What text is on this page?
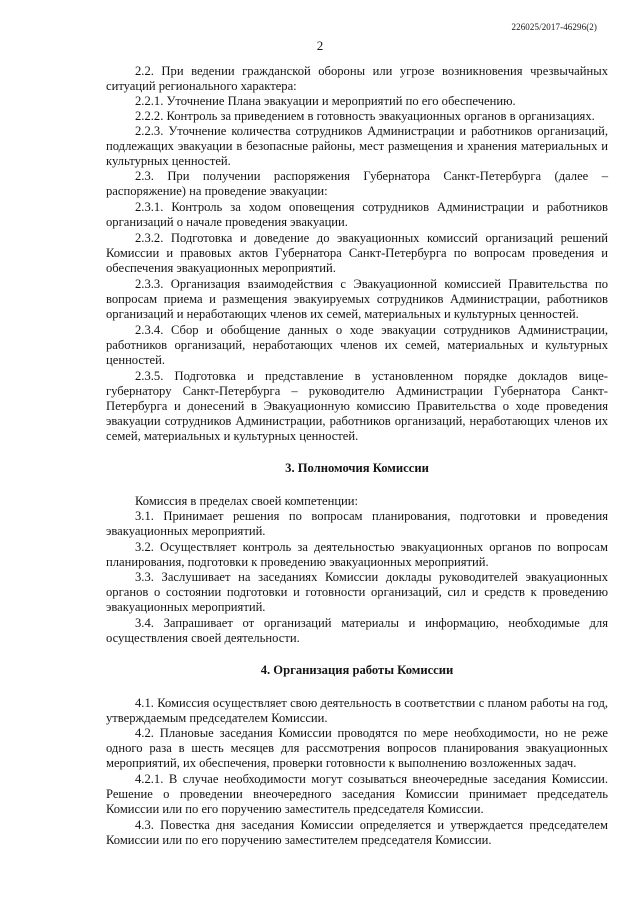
226025/2017-46296(2)
2

2.2. При ведении гражданской обороны или угрозе возникновения чрезвычайных ситуаций регионального характера:

2.2.1. Уточнение Плана эвакуации и мероприятий по его обеспечению.

2.2.2. Контроль за приведением в готовность эвакуационных органов в организациях.

2.2.3. Уточнение количества сотрудников Администрации и работников организаций, подлежащих эвакуации в безопасные районы, мест размещения и хранения материальных и культурных ценностей.

2.3. При получении распоряжения Губернатора Санкт-Петербурга (далее – распоряжение) на проведение эвакуации:

2.3.1. Контроль за ходом оповещения сотрудников Администрации и работников организаций о начале проведения эвакуации.

2.3.2. Подготовка и доведение до эвакуационных комиссий организаций решений Комиссии и правовых актов Губернатора Санкт-Петербурга по вопросам проведения и обеспечения эвакуационных мероприятий.

2.3.3. Организация взаимодействия с Эвакуационной комиссией Правительства по вопросам приема и размещения эвакуируемых сотрудников Администрации, работников организаций и неработающих членов их семей, материальных и культурных ценностей.

2.3.4. Сбор и обобщение данных о ходе эвакуации сотрудников Администрации, работников организаций, неработающих членов их семей, материальных и культурных ценностей.

2.3.5. Подготовка и представление в установленном порядке докладов вице-губернатору Санкт-Петербурга – руководителю Администрации Губернатора Санкт-Петербурга и донесений в Эвакуационную комиссию Правительства о ходе проведения эвакуации сотрудников Администрации, работников организаций, неработающих членов их семей, материальных и культурных ценностей.

3. Полномочия Комиссии

Комиссия в пределах своей компетенции:

3.1. Принимает решения по вопросам планирования, подготовки и проведения эвакуационных мероприятий.

3.2. Осуществляет контроль за деятельностью эвакуационных органов по вопросам планирования, подготовки к проведению эвакуационных мероприятий.

3.3. Заслушивает на заседаниях Комиссии доклады руководителей эвакуационных органов о состоянии подготовки и готовности организаций, сил и средств к проведению эвакуационных мероприятий.

3.4. Запрашивает от организаций материалы и информацию, необходимые для осуществления своей деятельности.

4. Организация работы Комиссии

4.1. Комиссия осуществляет свою деятельность в соответствии с планом работы на год, утверждаемым председателем Комиссии.

4.2. Плановые заседания Комиссии проводятся по мере необходимости, но не реже одного раза в шесть месяцев для рассмотрения вопросов планирования эвакуационных мероприятий, их обеспечения, проверки готовности к выполнению возложенных задач.

4.2.1. В случае необходимости могут созываться внеочередные заседания Комиссии. Решение о проведении внеочередного заседания Комиссии принимает председатель Комиссии или по его поручению заместитель председателя Комиссии.

4.3. Повестка дня заседания Комиссии определяется и утверждается председателем Комиссии или по его поручению заместителем председателя Комиссии.
